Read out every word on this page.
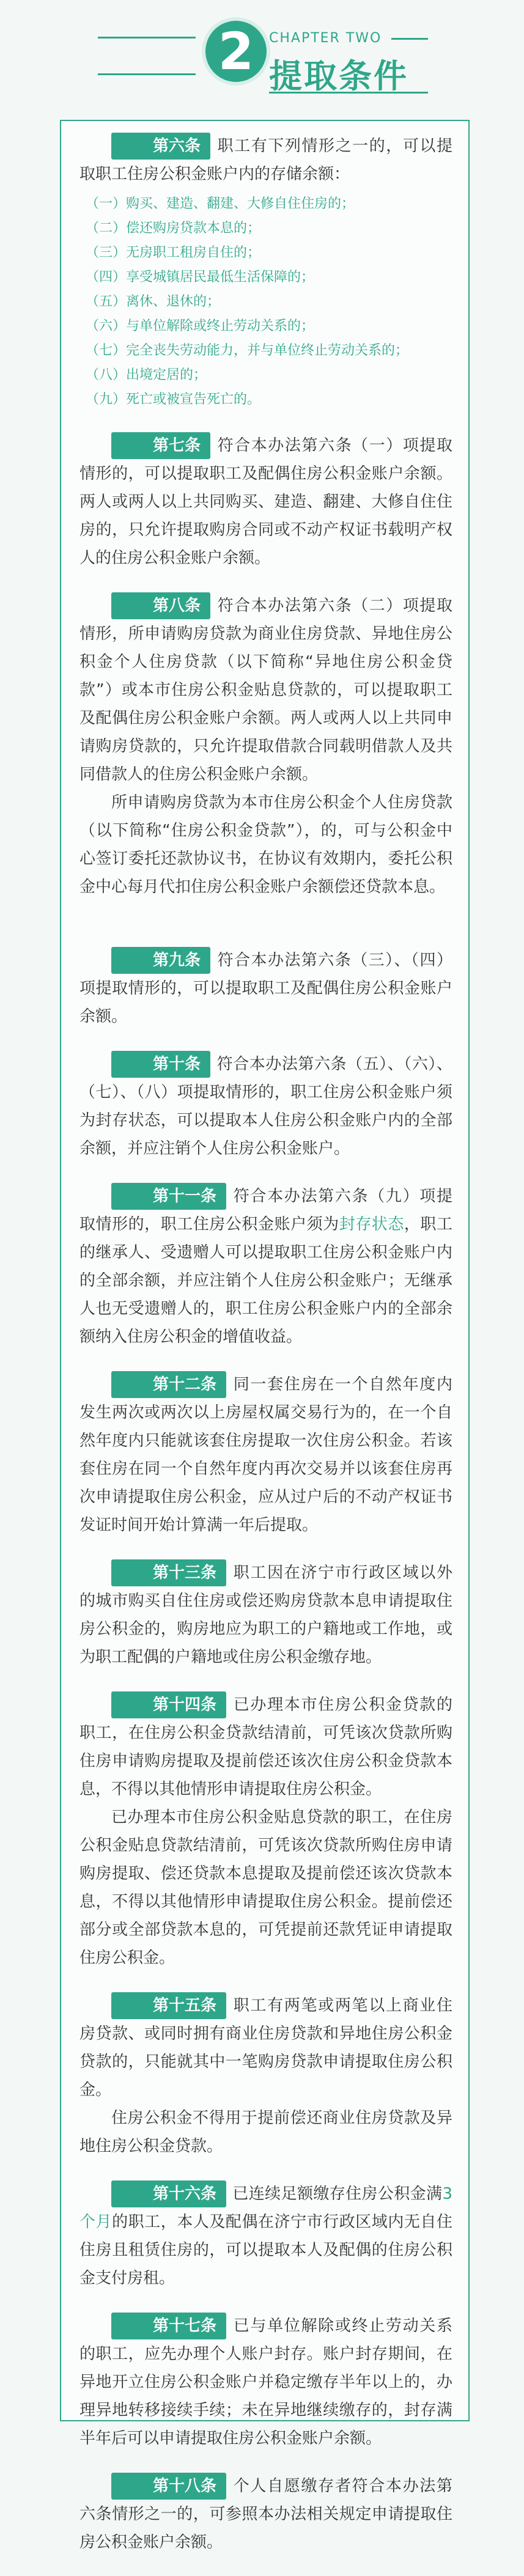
2	CHAPTER TWO
提取条件

第六条 职工有下列情形之一的，可以提取职工住房公积金账户内的存储余额：

（一）购买、建造、翻建、大修自住住房的；
（二）偿还购房贷款本息的；
（三）无房职工租房自住的；
（四）享受城镇居民最低生活保障的；
（五）离休、退休的；
（六）与单位解除或终止劳动关系的；
（七）完全丧失劳动能力，并与单位终止劳动关系的；
（八）出境定居的；
（九）死亡或被宣告死亡的。

第七条 符合本办法第六条（一）项提取情形的，可以提取职工及配偶住房公积金账户余额。两人或两人以上共同购买、建造、翻建、大修自住住房的，只允许提取购房合同或不动产权证书载明产权人的住房公积金账户余额。

第八条 符合本办法第六条（二）项提取情形，所申请购房贷款为商业住房贷款、异地住房公积金个人住房贷款（以下简称“异地住房公积金贷款”）或本市住房公积金贴息贷款的，可以提取职工及配偶住房公积金账户余额。两人或两人以上共同申请购房贷款的，只允许提取借款合同载明借款人及共同借款人的住房公积金账户余额。

所申请购房贷款为本市住房公积金个人住房贷款（以下简称“住房公积金贷款”），的，可与公积金中心签订委托还款协议书，在协议有效期内，委托公积金中心每月代扣住房公积金账户余额偿还贷款本息。

第九条 符合本办法第六条（三）、（四）项提取情形的，可以提取职工及配偶住房公积金账户余额。

第十条 符合本办法第六条（五）、（六）、（七）、（八）项提取情形的，职工住房公积金账户须为封存状态，可以提取本人住房公积金账户内的全部余额，并应注销个人住房公积金账户。

第十一条 符合本办法第六条（九）项提取情形的，职工住房公积金账户须为封存状态，职工的继承人、受遗赠人可以提取职工住房公积金账户内的全部余额，并应注销个人住房公积金账户；无继承人也无受遗赠人的，职工住房公积金账户内的全部余额纳入住房公积金的增值收益。

第十二条 同一套住房在一个自然年度内发生两次或两次以上房屋权属交易行为的，在一个自然年度内只能就该套住房提取一次住房公积金。若该套住房在同一个自然年度内再次交易并以该套住房再次申请提取住房公积金，应从过户后的不动产权证书发证时间开始计算满一年后提取。

第十三条 职工因在济宁市行政区域以外的城市购买自住住房或偿还购房贷款本息申请提取住房公积金的，购房地应为职工的户籍地或工作地，或为职工配偶的户籍地或住房公积金缴存地。

第十四条 已办理本市住房公积金贷款的职工，在住房公积金贷款结清前，可凭该次贷款所购住房申请购房提取及提前偿还该次住房公积金贷款本息，不得以其他情形申请提取住房公积金。

已办理本市住房公积金贴息贷款的职工，在住房公积金贴息贷款结清前，可凭该次贷款所购住房申请购房提取、偿还贷款本息提取及提前偿还该次贷款本息，不得以其他情形申请提取住房公积金。提前偿还部分或全部贷款本息的，可凭提前还款凭证申请提取住房公积金。

第十五条 职工有两笔或两笔以上商业住房贷款、或同时拥有商业住房贷款和异地住房公积金贷款的，只能就其中一笔购房贷款申请提取住房公积金。

住房公积金不得用于提前偿还商业住房贷款及异地住房公积金贷款。

第十六条 已连续足额缴存住房公积金满3个月的职工，本人及配偶在济宁市行政区域内无自住住房且租赁住房的，可以提取本人及配偶的住房公积金支付房租。

第十七条 已与单位解除或终止劳动关系的职工，应先办理个人账户封存。账户封存期间，在异地开立住房公积金账户并稳定缴存半年以上的，办理异地转移接续手续；未在异地继续缴存的，封存满半年后可以申请提取住房公积金账户余额。

第十八条 个人自愿缴存者符合本办法第六条情形之一的，可参照本办法相关规定申请提取住房公积金账户余额。
